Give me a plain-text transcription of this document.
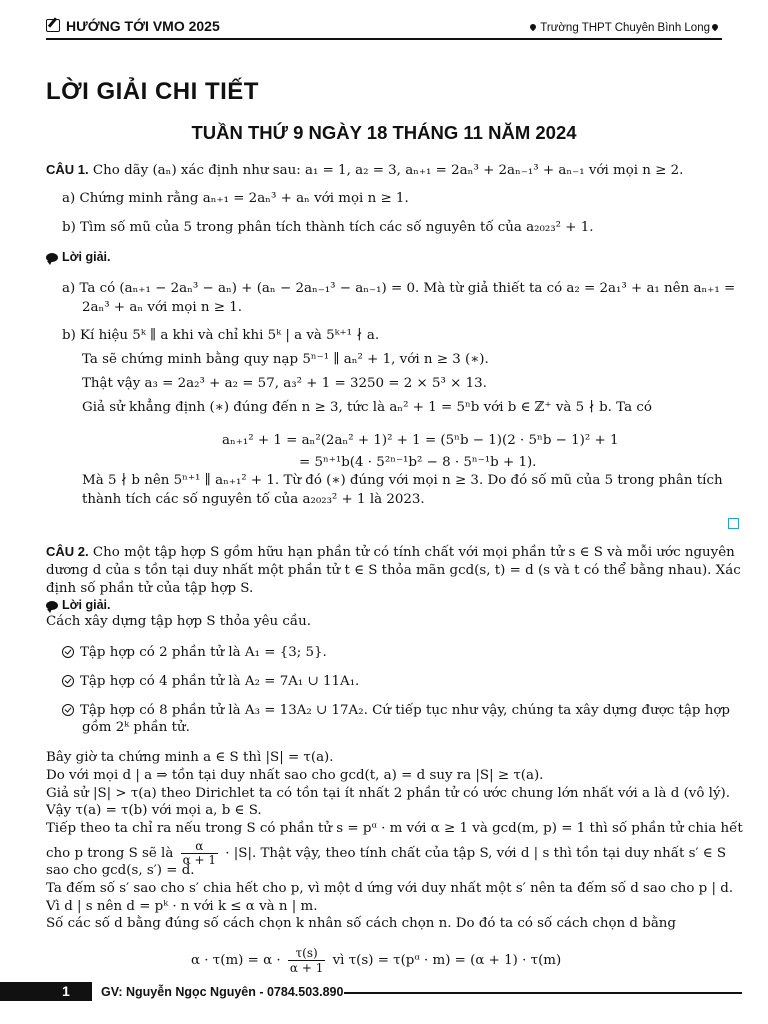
HƯỚNG TỚI VMO 2025	Trường THPT Chuyên Bình Long
LỜI GIẢI CHI TIẾT
TUẦN THỨ 9 NGÀY 18 THÁNG 11 NĂM 2024
CÂU 1. Cho dãy (aₙ) xác định như sau: a₁ = 1, a₂ = 3, aₙ₊₁ = 2aₙ³ + 2aₙ₋₁³ + aₙ₋₁ với mọi n ≥ 2.
a) Chứng minh rằng aₙ₊₁ = 2aₙ³ + aₙ với mọi n ≥ 1.
b) Tìm số mũ của 5 trong phân tích thành tích các số nguyên tố của a₂₀₂₃² + 1.
Lời giải.
a) Ta có (aₙ₊₁ − 2aₙ³ − aₙ) + (aₙ − 2aₙ₋₁³ − aₙ₋₁) = 0. Mà từ giả thiết ta có a₂ = 2a₁³ + a₁ nên aₙ₊₁ =
2aₙ³ + aₙ với mọi n ≥ 1.
b) Kí hiệu 5ᵏ ∥ a khi và chỉ khi 5ᵏ | a và 5ᵏ⁺¹ ∤ a.
Ta sẽ chứng minh bằng quy nạp 5ⁿ⁻¹ ∥ aₙ² + 1, với n ≥ 3 (∗).
Thật vậy a₃ = 2a₂³ + a₂ = 57, a₃² + 1 = 3250 = 2 × 5³ × 13.
Giả sử khẳng định (∗) đúng đến n ≥ 3, tức là aₙ² + 1 = 5ⁿb với b ∈ ℤ⁺ và 5 ∤ b. Ta có
aₙ₊₁² + 1 = aₙ²(2aₙ² + 1)² + 1 = (5ⁿb − 1)(2 · 5ⁿb − 1)² + 1
= 5ⁿ⁺¹b(4 · 5²ⁿ⁻¹b² − 8 · 5ⁿ⁻¹b + 1).
Mà 5 ∤ b nên 5ⁿ⁺¹ ∥ aₙ₊₁² + 1. Từ đó (∗) đúng với mọi n ≥ 3. Do đó số mũ của 5 trong phân tích
thành tích các số nguyên tố của a₂₀₂₃² + 1 là 2023.
CÂU 2. Cho một tập hợp S gồm hữu hạn phần tử có tính chất với mọi phần tử s ∈ S và mỗi ước nguyên
dương d của s tồn tại duy nhất một phần tử t ∈ S thỏa mãn gcd(s, t) = d (s và t có thể bằng nhau). Xác
định số phần tử của tập hợp S.
Lời giải.
Cách xây dựng tập hợp S thỏa yêu cầu.
Tập hợp có 2 phần tử là A₁ = {3; 5}.
Tập hợp có 4 phần tử là A₂ = 7A₁ ∪ 11A₁.
Tập hợp có 8 phần tử là A₃ = 13A₂ ∪ 17A₂. Cứ tiếp tục như vậy, chúng ta xây dựng được tập hợp
gồm 2ᵏ phần tử.
Bây giờ ta chứng minh a ∈ S thì |S| = τ(a).
Do với mọi d | a ⇒ tồn tại duy nhất sao cho gcd(t, a) = d suy ra |S| ≥ τ(a).
Giả sử |S| > τ(a) theo Dirichlet ta có tồn tại ít nhất 2 phần tử có ước chung lớn nhất với a là d (vô lý).
Vậy τ(a) = τ(b) với mọi a, b ∈ S.
Tiếp theo ta chỉ ra nếu trong S có phần tử s = pᵅ · m với α ≥ 1 và gcd(m, p) = 1 thì số phần tử chia hết
cho p trong S sẽ là $\frac{\alpha}{\alpha + 1} \cdot |S|$. Thật vậy, theo tính chất của tập S, với d | s thì tồn tại duy nhất s′ ∈ S
sao cho gcd(s, s′) = d.
Ta đếm số s′ sao cho s′ chia hết cho p, vì một d ứng với duy nhất một s′ nên ta đếm số d sao cho p | d.
Vì d | s nên d = pᵏ · n với k ≤ α và n | m.
Số các số d bằng đúng số cách chọn k nhân số cách chọn n. Do đó ta có số cách chọn d bằng
$\alpha \cdot \tau(m) = \alpha \cdot \frac{\tau(s)}{\alpha + 1}$ vì τ(s) = τ(pᵅ · m) = (α + 1) · τ(m)
1 GV: Nguyễn Ngọc Nguyên - 0784.503.890
